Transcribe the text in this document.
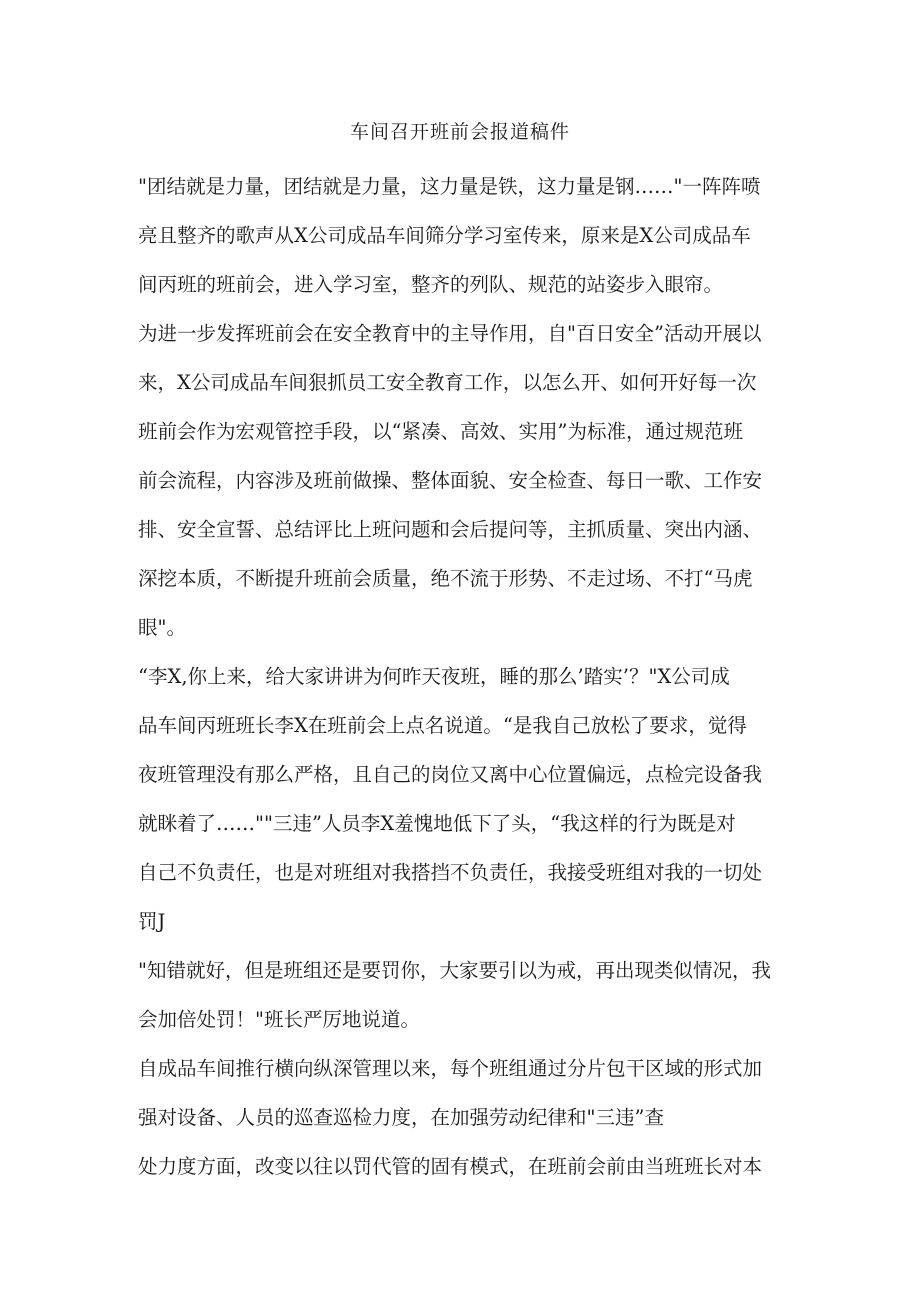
车间召开班前会报道稿件
"团结就是力量，团结就是力量，这力量是铁，这力量是钢……"一阵阵喷
亮且整齐的歌声从X公司成品车间筛分学习室传来，原来是X公司成品车
间丙班的班前会，进入学习室，整齐的列队、规范的站姿步入眼帘。
为进一步发挥班前会在安全教育中的主导作用，自"百日安全”活动开展以
来，X公司成品车间狠抓员工安全教育工作，以怎么开、如何开好每一次
班前会作为宏观管控手段，以“紧凑、高效、实用”为标准，通过规范班
前会流程，内容涉及班前做操、整体面貌、安全检查、每日一歌、工作安
排、安全宣誓、总结评比上班问题和会后提问等，主抓质量、突出内涵、
深挖本质，不断提升班前会质量，绝不流于形势、不走过场、不打“马虎
眼"。
“李X,你上来，给大家讲讲为何昨天夜班，睡的那么’踏实’？"X公司成
品车间丙班班长李X在班前会上点名说道。“是我自己放松了要求，觉得
夜班管理没有那么严格，且自己的岗位又离中心位置偏远，点检完设备我
就眯着了……""三违”人员李X羞愧地低下了头，“我这样的行为既是对
自己不负责任，也是对班组对我搭挡不负责任，我接受班组对我的一切处
罚J
"知错就好，但是班组还是要罚你，大家要引以为戒，再出现类似情况，我
会加倍处罚！"班长严厉地说道。
自成品车间推行横向纵深管理以来，每个班组通过分片包干区域的形式加
强对设备、人员的巡查巡检力度，在加强劳动纪律和"三违”查
处力度方面，改变以往以罚代管的固有模式，在班前会前由当班班长对本
